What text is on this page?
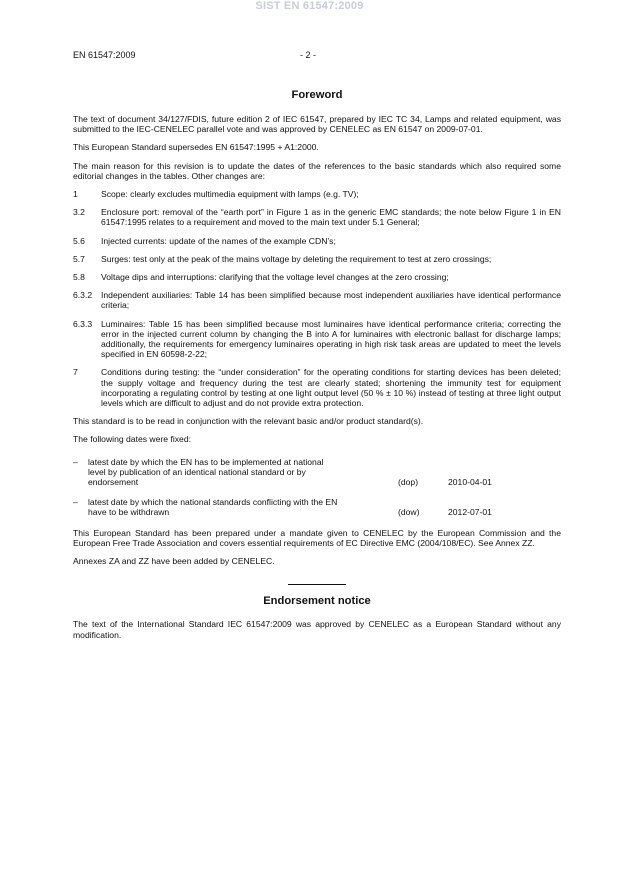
SIST EN 61547:2009
EN 61547:2009	- 2 -
Foreword

The text of document 34/127/FDIS, future edition 2 of IEC 61547, prepared by IEC TC 34, Lamps and related equipment, was submitted to the IEC-CENELEC parallel vote and was approved by CENELEC as EN 61547 on 2009-07-01.

This European Standard supersedes EN 61547:1995 + A1:2000.

The main reason for this revision is to update the dates of the references to the basic standards which also required some editorial changes in the tables. Other changes are:

1	Scope: clearly excludes multimedia equipment with lamps (e.g. TV);
3.2	Enclosure port: removal of the “earth port” in Figure 1 as in the generic EMC standards; the note below Figure 1 in EN 61547:1995 relates to a requirement and moved to the main text under 5.1 General;
5.6	Injected currents: update of the names of the example CDN’s;
5.7	Surges: test only at the peak of the mains voltage by deleting the requirement to test at zero crossings;
5.8	Voltage dips and interruptions: clarifying that the voltage level changes at the zero crossing;
6.3.2	Independent auxiliaries: Table 14 has been simplified because most independent auxiliaries have identical performance criteria;
6.3.3	Luminaires: Table 15 has been simplified because most luminaires have identical performance criteria; correcting the error in the injected current column by changing the B into A for luminaires with electronic ballast for discharge lamps; additionally, the requirements for emergency luminaires operating in high risk task areas are updated to meet the levels specified in EN 60598-2-22;
7	Conditions during testing: the “under consideration” for the operating conditions for starting devices has been deleted; the supply voltage and frequency during the test are clearly stated; shortening the immunity test for equipment incorporating a regulating control by testing at one light output level (50 % ± 10 %) instead of testing at three light output levels which are difficult to adjust and do not provide extra protection.

This standard is to be read in conjunction with the relevant basic and/or product standard(s).

The following dates were fixed:

–	latest date by which the EN has to be implemented at national level by publication of an identical national standard or by endorsement	(dop)	2010-04-01
–	latest date by which the national standards conflicting with the EN have to be withdrawn	(dow)	2012-07-01

This European Standard has been prepared under a mandate given to CENELEC by the European Commission and the European Free Trade Association and covers essential requirements of EC Directive EMC (2004/108/EC). See Annex ZZ.

Annexes ZA and ZZ have been added by CENELEC.

Endorsement notice

The text of the International Standard IEC 61547:2009 was approved by CENELEC as a European Standard without any modification.
